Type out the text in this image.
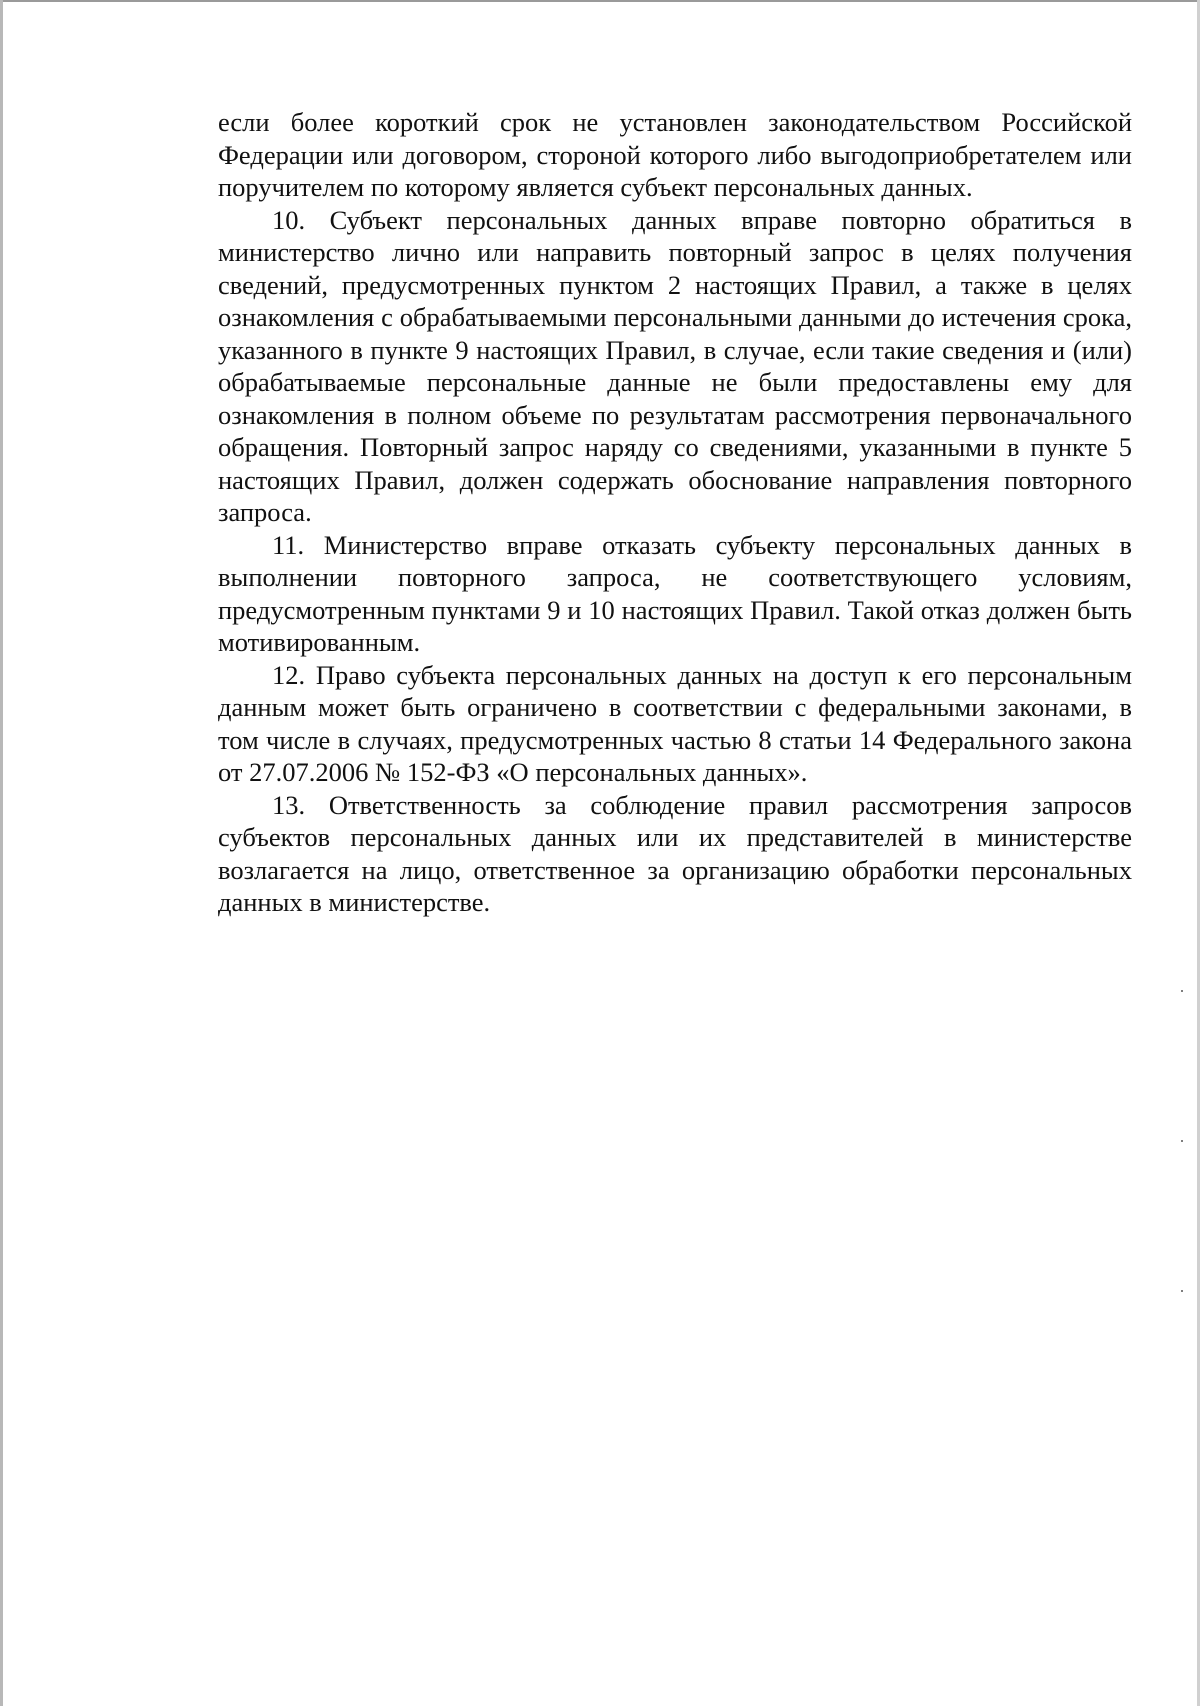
если более короткий срок не установлен законодательством Российской Федерации или договором, стороной которого либо выгодоприобретателем или поручителем по которому является субъект персональных данных.

10. Субъект персональных данных вправе повторно обратиться в министерство лично или направить повторный запрос в целях получения сведений, предусмотренных пунктом 2 настоящих Правил, а также в целях ознакомления с обрабатываемыми персональными данными до истечения срока, указанного в пункте 9 настоящих Правил, в случае, если такие сведения и (или) обрабатываемые персональные данные не были предоставлены ему для ознакомления в полном объеме по результатам рассмотрения первоначального обращения. Повторный запрос наряду со сведениями, указанными в пункте 5 настоящих Правил, должен содержать обоснование направления повторного запроса.

11. Министерство вправе отказать субъекту персональных данных в выполнении повторного запроса, не соответствующего условиям, предусмотренным пунктами 9 и 10 настоящих Правил. Такой отказ должен быть мотивированным.

12. Право субъекта персональных данных на доступ к его персональным данным может быть ограничено в соответствии с федеральными законами, в том числе в случаях, предусмотренных частью 8 статьи 14 Федерального закона от 27.07.2006 № 152-ФЗ «О персональных данных».

13. Ответственность за соблюдение правил рассмотрения запросов субъектов персональных данных или их представителей в министерстве возлагается на лицо, ответственное за организацию обработки персональных данных в министерстве.
